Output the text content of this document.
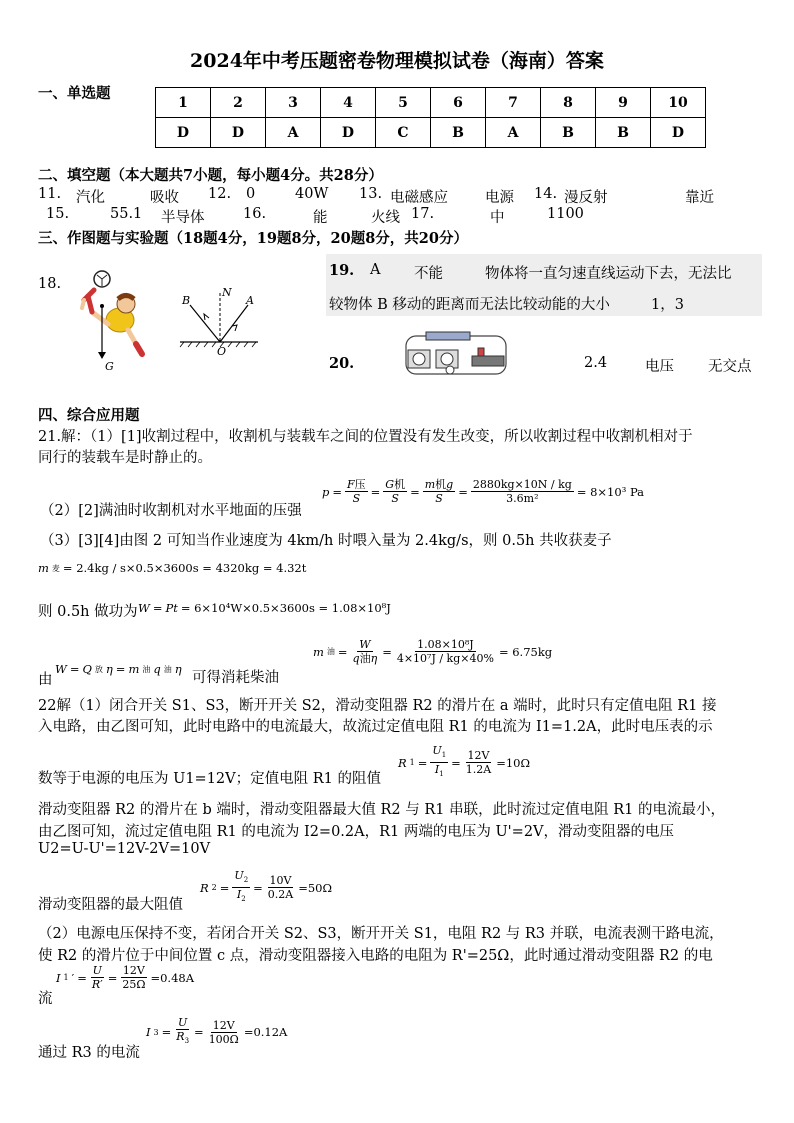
2024年中考压题密卷物理模拟试卷（海南）答案
一、单选题
1	2	3	4	5	6	7	8	9	10
D	D	A	D	C	B	A	B	B	D
二、填空题（本大题共7小题，每小题4分。共28分）
11. 汽化	吸收 12. 0	40W 13. 电磁感应	电源 14. 漫反射	靠近
15.	55.1 半导体	16.	能	火线 17.	中	1100
三、作图题与实验题（18题4分，19题8分，20题8分，共20分）
18.
G
B
N
A
O
19. A 不能	物体将一直匀速直线运动下去，无法比
较物体 B 移动的距离而无法比较动能的大小	1，3
20.	2.4	电压 无交点
四、综合应用题
21.解：（1）[1]收割过程中，收割机与装载车之间的位置没有发生改变，所以收割过程中收割机相对于
同行的装载车是时静止的。
（2）[2]满油时收割机对水平地面的压强
$p = \frac{\text{F压}}{S} = \frac{\text{G机}}{S} = \frac{\text{m机g}}{S} = \frac{2880kg\times 10N / kg}{\text{3.6m²}} = 8\times 10^3$ Pa
（3）[3][4]由图 2 可知当作业速度为 4km/h 时喂入量为 2.4kg/s，则 0.5h 共收获麦子
m 麦 = 2.4kg / s×0.5×3600s = 4320kg = 4.32t
则 0.5h 做功为 W = Pt = 6×10⁴W×0.5×3600s = 1.08×10⁸J
由
W = Q 放 η = m 油 q 油 η
可得消耗柴油
m 油 = $\frac{W}{\text{q油η}} = \frac{\text{1.08×10⁸J}}{\text{4×10⁷J / kg×40\%}} = 6.75kg$
22解（1）闭合开关 S1、S3，断开开关 S2，滑动变阻器 R2 的滑片在 a 端时，此时只有定值电阻 R1 接
入电路，由乙图可知，此时电路中的电流最大，故流过定值电阻 R1 的电流为 I1=1.2A，此时电压表的示
数等于电源的电压为 U1=12V；定值电阻 R1 的阻值
R $1 = \frac{U_1}{I_1} = \frac{12V}{1.2A} =10\Omega$
滑动变阻器 R2 的滑片在 b 端时，滑动变阻器最大值 R2 与 R1 串联，此时流过定值电阻 R1 的电流最小，
由乙图可知，流过定值电阻 R1 的电流为 I2=0.2A，R1 两端的电压为 U'=2V，滑动变阻器的电压
U2=U-U'=12V-2V=10V
滑动变阻器的最大阻值
R $2 = \frac{U_2}{I_2} = \frac{10V}{0.2A} =50\Omega$
（2）电源电压保持不变，若闭合开关 S2、S3，断开开关 S1，电阻 R2 与 R3 并联，电流表测干路电流，
使 R2 的滑片位于中间位置 c 点，滑动变阻器接入电路的电阻为 R'=25Ω，此时通过滑动变阻器 R2 的电
流
I 1 ′ = $\frac{U}{R'} = \frac{12V}{25\Omega} =0.48A$
通过 R3 的电流
I $3 = \frac{U}{R_3} = \frac{12V}{100\Omega} =0.12A$
